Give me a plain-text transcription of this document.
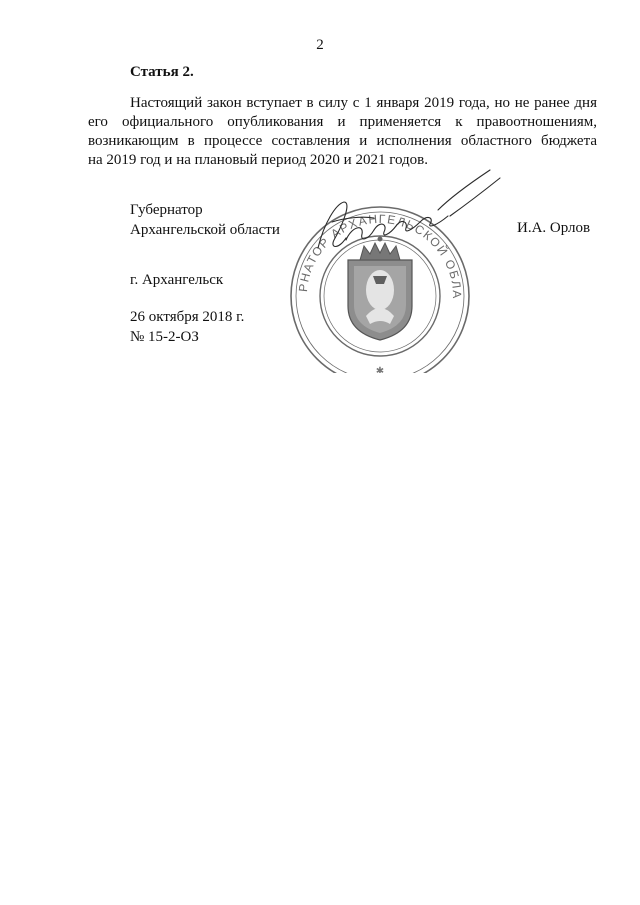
2
Статья 2.

Настоящий закон вступает в силу с 1 января 2019 года, но не ранее дня
его официального опубликования и применяется к правоотношениям,
возникающим в процессе составления и исполнения областного бюджета
на 2019 год и на плановый период 2020 и 2021 годов.

Губернатор
Архангельской области	И.А. Орлов
РНАТОР АРХАНГЕЛЬСКОЙ ОБЛА
✱
г. Архангельск
26 октября 2018 г.
№ 15-2-ОЗ
